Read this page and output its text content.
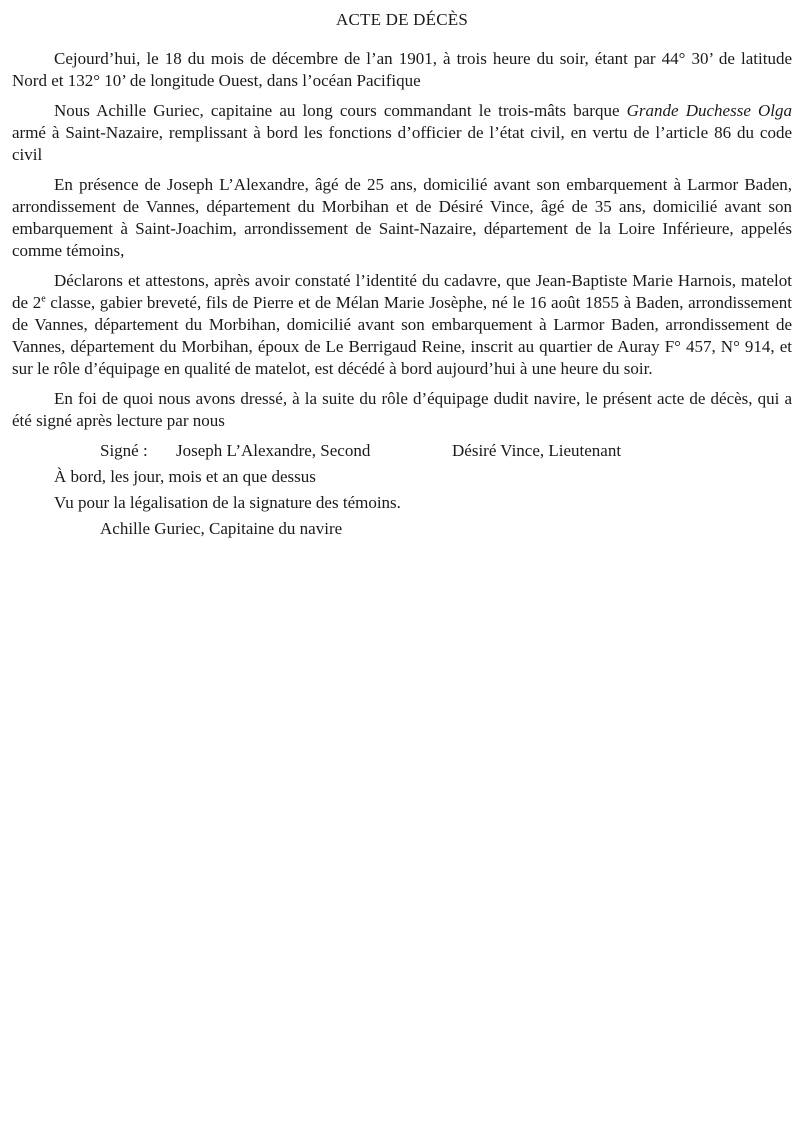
ACTE DE DÉCÈS

Cejourd’hui, le 18 du mois de décembre de l’an 1901, à trois heure du soir, étant par 44° 30’ de latitude Nord et 132° 10’ de longitude Ouest, dans l’océan Pacifique

Nous Achille Guriec, capitaine au long cours commandant le trois-mâts barque Grande Duchesse Olga armé à Saint-Nazaire, remplissant à bord les fonctions d’officier de l’état civil, en vertu de l’article 86 du code civil

En présence de Joseph L’Alexandre, âgé de 25 ans, domicilié avant son embarquement à Larmor Baden, arrondissement de Vannes, département du Morbihan et de Désiré Vince, âgé de 35 ans, domicilié avant son embarquement à Saint-Joachim, arrondissement de Saint-Nazaire, département de la Loire Inférieure, appelés comme témoins,

Déclarons et attestons, après avoir constaté l’identité du cadavre, que Jean-Baptiste Marie Harnois, matelot de 2e classe, gabier breveté, fils de Pierre et de Mélan Marie Josèphe, né le 16 août 1855 à Baden, arrondissement de Vannes, département du Morbihan, domicilié avant son embarquement à Larmor Baden, arrondissement de Vannes, département du Morbihan, époux de Le Berrigaud Reine, inscrit au quartier de Auray F° 457, N° 914, et sur le rôle d’équipage en qualité de matelot, est décédé à bord aujourd’hui à une heure du soir.

En foi de quoi nous avons dressé, à la suite du rôle d’équipage dudit navire, le présent acte de décès, qui a été signé après lecture par nous

Signé : Joseph L’Alexandre, Second	Désiré Vince, Lieutenant
À bord, les jour, mois et an que dessus
Vu pour la légalisation de la signature des témoins.
Achille Guriec, Capitaine du navire
